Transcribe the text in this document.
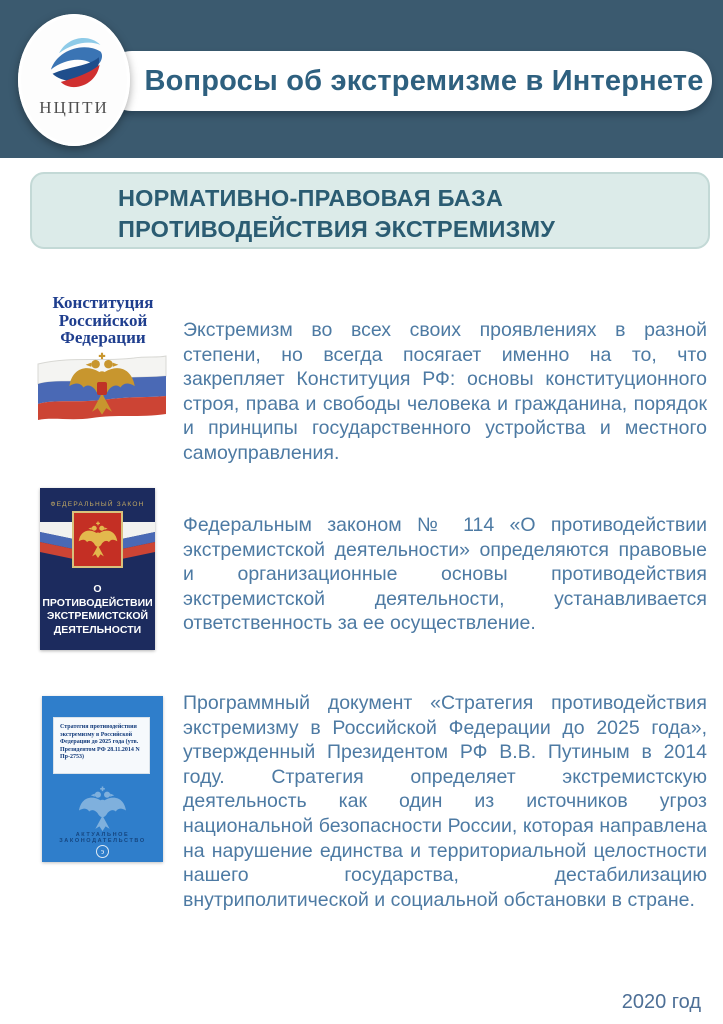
Вопросы об экстремизме в Интернете
НЦПТИ
НОРМАТИВНО-ПРАВОВАЯ БАЗА
ПРОТИВОДЕЙСТВИЯ ЭКСТРЕМИЗМУ
Конституция
Российской
Федерации	Экстремизм во всех своих проявлениях в разной степени, но всегда посягает именно на то, что закрепляет Конституция РФ: основы конституционного строя, права и свободы человека и гражданина, порядок и принципы государственного устройства и местного самоуправления.
ФЕДЕРАЛЬНЫЙ ЗАКОН
О ПРОТИВОДЕЙСТВИИ
ЭКСТРЕМИСТСКОЙ
ДЕЯТЕЛЬНОСТИ
Федеральным законом № 114 «О противодействии экстремистской деятельности» определяются правовые и организационные основы противодействия экстремистской деятельности, устанавливается ответственность за ее осуществление.
Стратегия противодействия экстремизму в Российской Федерации до 2025 года (утв. Президентом РФ 28.11.2014 N Пр-2753)
АКТУАЛЬНОЕ ЗАКОНОДАТЕЛЬСТВО
э
Программный документ «Стратегия противодействия экстремизму в Российской Федерации до 2025 года», утвержденный Президентом РФ В.В. Путиным в 2014 году. Стратегия определяет экстремистскую деятельность как один из источников угроз национальной безопасности России, которая направлена на нарушение единства и территориальной целостности нашего государства, дестабилизацию внутриполитической и социальной обстановки в стране.
2020 год
